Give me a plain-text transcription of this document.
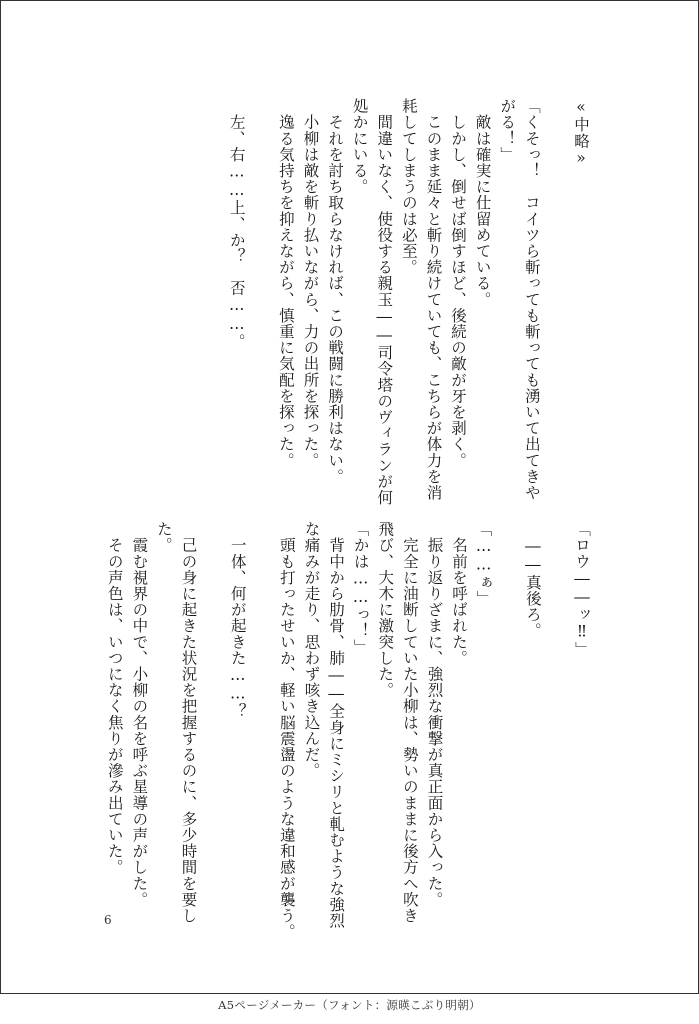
«中略»

「くそっ！　コイツら斬っても斬っても湧いて出てきや
がる！」
　敵は確実に仕留めている。
　しかし、倒せば倒すほど、後続の敵が牙を剥く。
　このまま延々と斬り続けていても、こちらが体力を消
耗してしまうのは必至。
　間違いなく、使役する親玉――司令塔のヴィランが何
処かにいる。
　それを討ち取らなければ、この戦闘に勝利はない。
　小柳は敵を斬り払いながら、力の出所を探った。
　逸る気持ちを抑えながら、慎重に気配を探った。

　左、右……上、か？　否……。
「ロウ――ッ‼」

　――真後ろ。

「……ぁ」
　名前を呼ばれた。
　振り返りざまに、強烈な衝撃が真正面から入った。
　完全に油断していた小柳は、勢いのままに後方へ吹き
飛び、大木に激突した。
「かは……っ！」
　背中から肋骨、肺――全身にミシリと軋むような強烈
な痛みが走り、思わず咳き込んだ。
　頭も打ったせいか、軽い脳震盪のような違和感が襲う。

　一体、何が起きた……？

　己の身に起きた状況を把握するのに、多少時間を要し
た。
　霞む視界の中で、小柳の名を呼ぶ星導の声がした。
　その声色は、いつになく焦りが滲み出ていた。
6
A5ページメーカー（フォント：源暎こぶり明朝）
